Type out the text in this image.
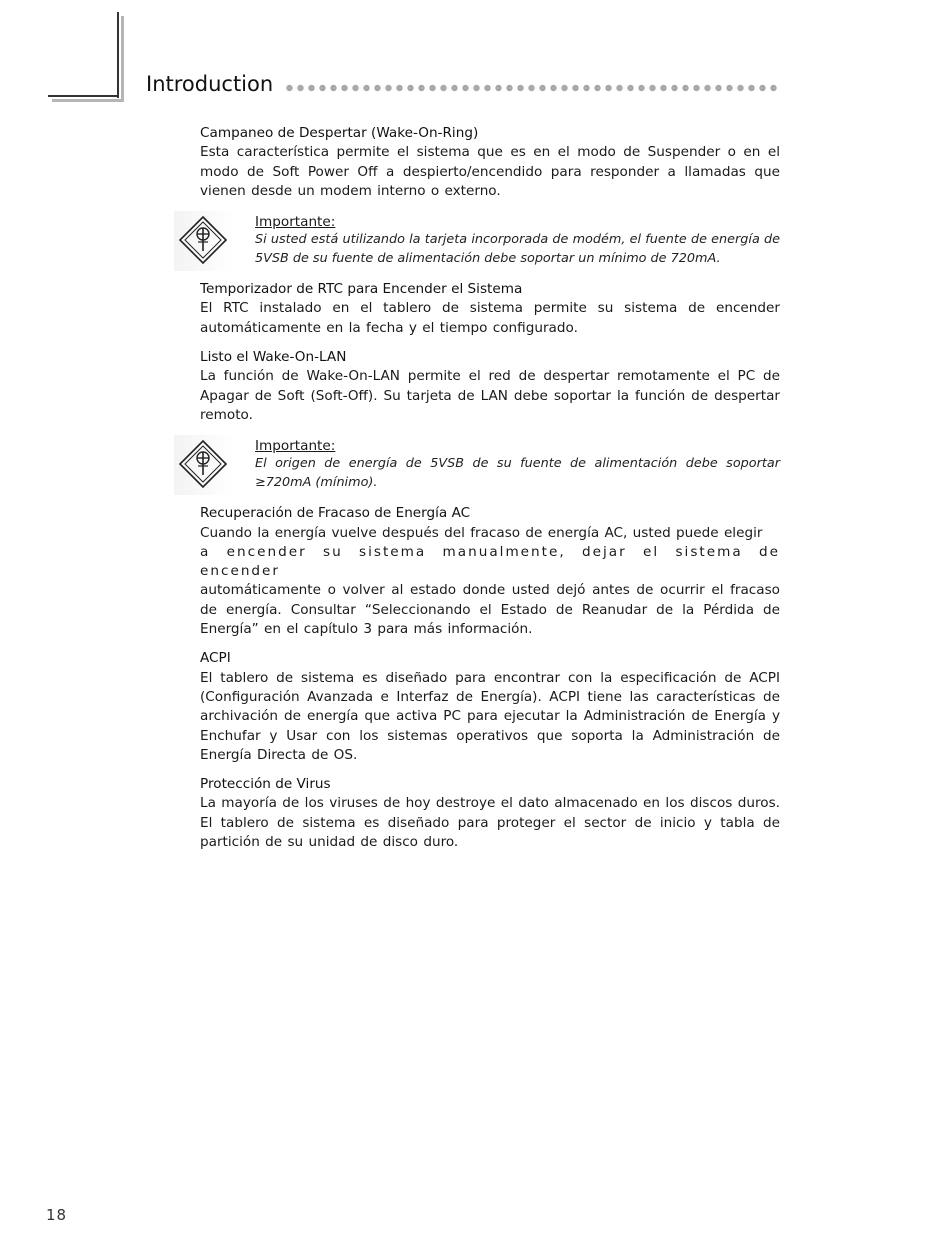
Introduction
Campaneo de Despertar (Wake-On-Ring)
Esta característica permite el sistema que es en el modo de Suspender o en el modo de Soft Power Off a despierto/encendido para responder a llamadas que vienen desde un modem interno o externo.
Importante:
Si usted está utilizando la tarjeta incorporada de modém, el fuente de energía de 5VSB de su fuente de alimentación debe soportar un mínimo de 720mA.
Temporizador de RTC para Encender el Sistema
El RTC instalado en el tablero de sistema permite su sistema de encender automáticamente en la fecha y el tiempo configurado.
Listo el Wake-On-LAN
La función de Wake-On-LAN permite el red de despertar remotamente el PC de Apagar de Soft (Soft-Off). Su tarjeta de LAN debe soportar la función de despertar remoto.
Importante:
El origen de energía de 5VSB de su fuente de alimentación debe soportar ≥720mA (mínimo).
Recuperación de Fracaso de Energía AC
Cuando la energía vuelve después del fracaso de energía AC, usted puede elegir
a encender su sistema manualmente, dejar el sistema de encender
automáticamente o volver al estado donde usted dejó antes de ocurrir el fracaso de energía. Consultar “Seleccionando el Estado de Reanudar de la Pérdida de Energía” en el capítulo 3 para más información.
ACPI
El tablero de sistema es diseñado para encontrar con la especificación de ACPI (Configuración Avanzada e Interfaz de Energía). ACPI tiene las características de archivación de energía que activa PC para ejecutar la Administración de Energía y Enchufar y Usar con los sistemas operativos que soporta la Administración de Energía Directa de OS.
Protección de Virus
La mayoría de los viruses de hoy destroye el dato almacenado en los discos duros. El tablero de sistema es diseñado para proteger el sector de inicio y tabla de partición de su unidad de disco duro.
18
